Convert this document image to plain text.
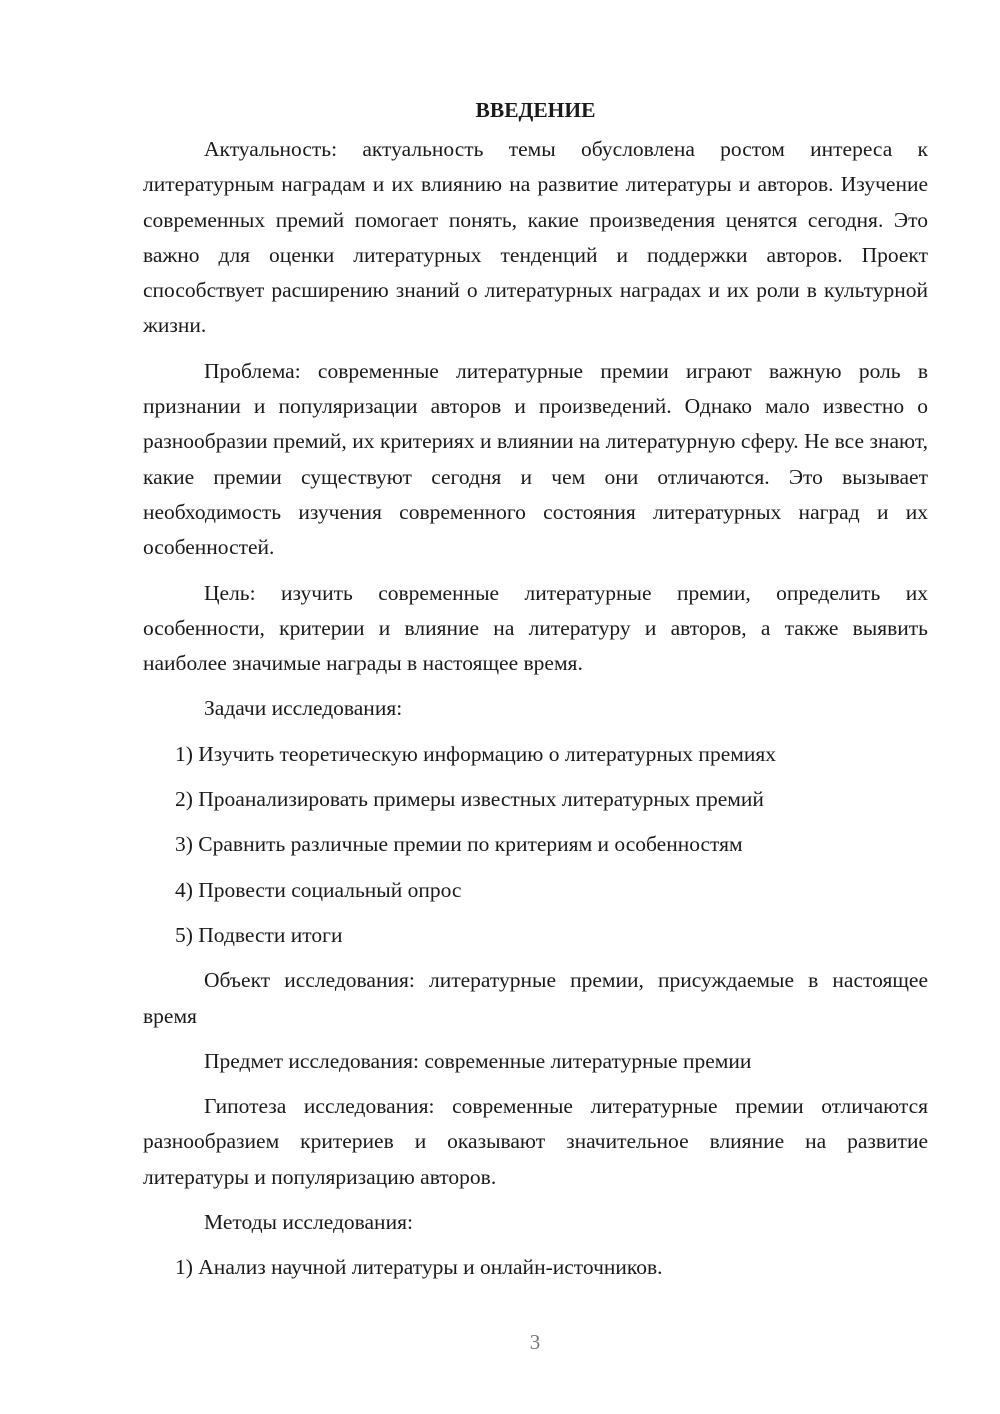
ВВЕДЕНИЕ

Актуальность: актуальность темы обусловлена ростом интереса к литературным наградам и их влиянию на развитие литературы и авторов. Изучение современных премий помогает понять, какие произведения ценятся сегодня. Это важно для оценки литературных тенденций и поддержки авторов. Проект способствует расширению знаний о литературных наградах и их роли в культурной жизни.

Проблема: современные литературные премии играют важную роль в признании и популяризации авторов и произведений. Однако мало известно о разнообразии премий, их критериях и влиянии на литературную сферу. Не все знают, какие премии существуют сегодня и чем они отличаются. Это вызывает необходимость изучения современного состояния литературных наград и их особенностей.

Цель: изучить современные литературные премии, определить их особенности, критерии и влияние на литературу и авторов, а также выявить наиболее значимые награды в настоящее время.

Задачи исследования:

1) Изучить теоретическую информацию о литературных премиях

2) Проанализировать примеры известных литературных премий

3) Сравнить различные премии по критериям и особенностям

4) Провести социальный опрос

5) Подвести итоги

Объект исследования: литературные премии, присуждаемые в настоящее время

Предмет исследования: современные литературные премии

Гипотеза исследования: современные литературные премии отличаются разнообразием критериев и оказывают значительное влияние на развитие литературы и популяризацию авторов.

Методы исследования:

1) Анализ научной литературы и онлайн-источников.

3
